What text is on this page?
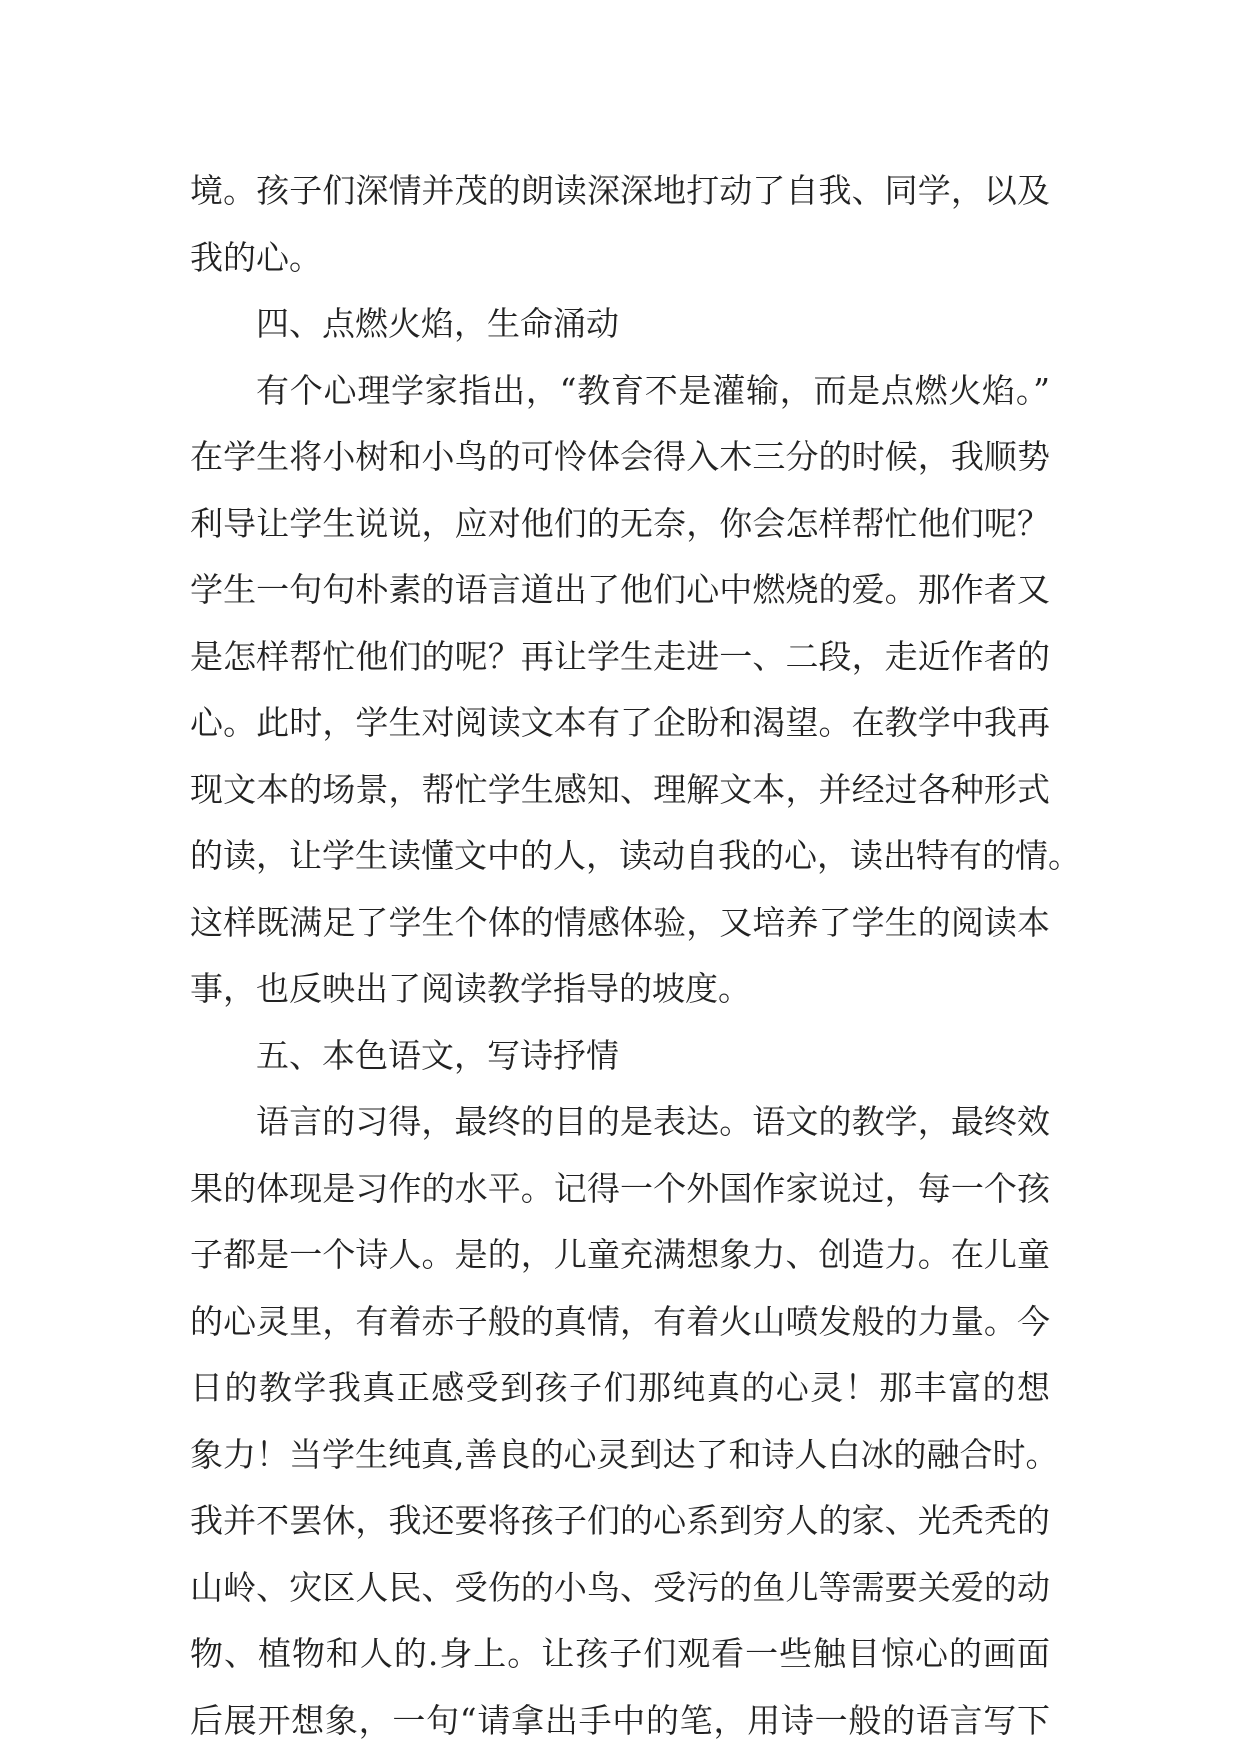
境。孩子们深情并茂的朗读深深地打动了自我、同学，以及
我的心。
四、点燃火焰，生命涌动
有个心理学家指出，“教育不是灌输，而是点燃火焰。”
在学生将小树和小鸟的可怜体会得入木三分的时候，我顺势
利导让学生说说，应对他们的无奈，你会怎样帮忙他们呢？
学生一句句朴素的语言道出了他们心中燃烧的爱。那作者又
是怎样帮忙他们的呢？再让学生走进一、二段，走近作者的
心。此时，学生对阅读文本有了企盼和渴望。在教学中我再
现文本的场景，帮忙学生感知、理解文本，并经过各种形式
的读，让学生读懂文中的人，读动自我的心，读出特有的情。
这样既满足了学生个体的情感体验，又培养了学生的阅读本
事，也反映出了阅读教学指导的坡度。
五、本色语文，写诗抒情
语言的习得，最终的目的是表达。语文的教学，最终效
果的体现是习作的水平。记得一个外国作家说过，每一个孩
子都是一个诗人。是的，儿童充满想象力、创造力。在儿童
的心灵里，有着赤子般的真情，有着火山喷发般的力量。今
日的教学我真正感受到孩子们那纯真的心灵！那丰富的想
象力！当学生纯真,善良的心灵到达了和诗人白冰的融合时。
我并不罢休，我还要将孩子们的心系到穷人的家、光秃秃的
山岭、灾区人民、受伤的小鸟、受污的鱼儿等需要关爱的动
物、植物和人的.身上。让孩子们观看一些触目惊心的画面
后展开想象，一句“请拿出手中的笔，用诗一般的语言写下
